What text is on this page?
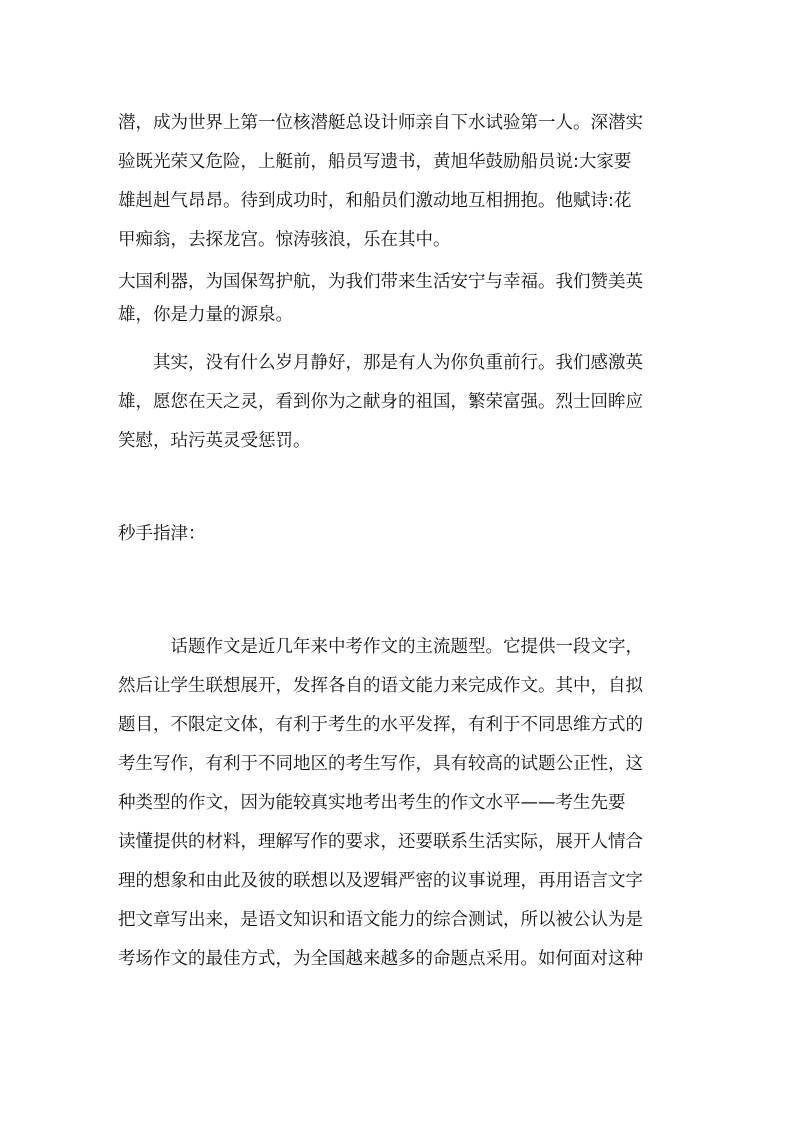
潜，成为世界上第一位核潜艇总设计师亲自下水试验第一人。深潜实
验既光荣又危险，上艇前，船员写遗书，黄旭华鼓励船员说:大家要
雄赳赳气昂昂。待到成功时，和船员们激动地互相拥抱。他赋诗:花
甲痴翁，去探龙宫。惊涛骇浪，乐在其中。
大国利器，为国保驾护航，为我们带来生活安宁与幸福。我们赞美英
雄，你是力量的源泉。
　　其实，没有什么岁月静好，那是有人为你负重前行。我们感激英
雄，愿您在天之灵，看到你为之献身的祖国，繁荣富强。烈士回眸应
笑慰，玷污英灵受惩罚。
秒手指津：
　　　话题作文是近几年来中考作文的主流题型。它提供一段文字，
然后让学生联想展开，发挥各自的语文能力来完成作文。其中，自拟
题目，不限定文体，有利于考生的水平发挥，有利于不同思维方式的
考生写作，有利于不同地区的考生写作，具有较高的试题公正性，这
种类型的作文，因为能较真实地考出考生的作文水平——考生先要
读懂提供的材料，理解写作的要求，还要联系生活实际，展开人情合
理的想象和由此及彼的联想以及逻辑严密的议事说理，再用语言文字
把文章写出来，是语文知识和语文能力的综合测试，所以被公认为是
考场作文的最佳方式，为全国越来越多的命题点采用。如何面对这种
